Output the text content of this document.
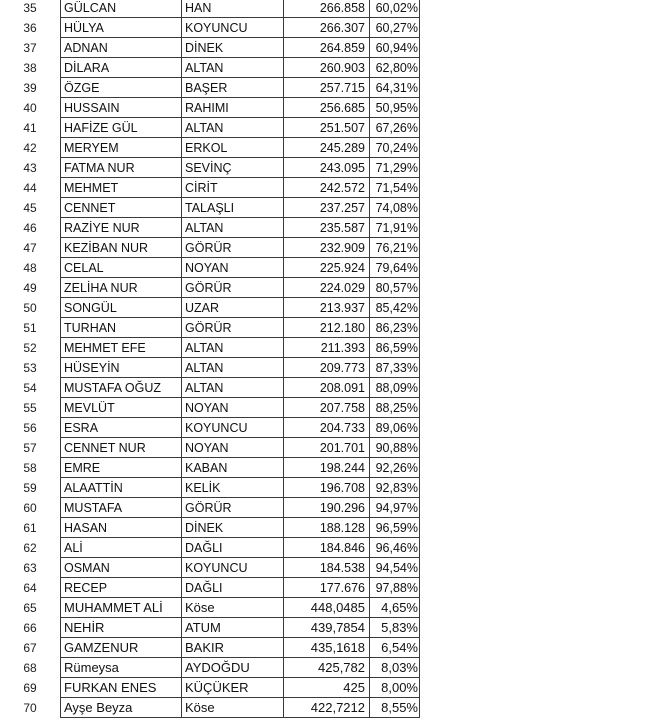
35	GÜLCAN	HAN	266.858 60,02%
36	HÜLYA	KOYUNCU	266.307 60,27%
37	ADNAN	DİNEK	264.859 60,94%
38	DİLARA	ALTAN	260.903 62,80%
39	ÖZGE	BAŞER	257.715 64,31%
40	HUSSAIN	RAHIMI	256.685 50,95%
41	HAFİZE GÜL	ALTAN	251.507 67,26%
42	MERYEM	ERKOL	245.289 70,24%
43	FATMA NUR	SEVİNÇ	243.095 71,29%
44	MEHMET	CİRİT	242.572 71,54%
45	CENNET	TALAŞLI	237.257 74,08%
46	RAZİYE NUR	ALTAN	235.587 71,91%
47	KEZİBAN NUR	GÖRÜR	232.909 76,21%
48	CELAL	NOYAN	225.924 79,64%
49	ZELİHA NUR	GÖRÜR	224.029 80,57%
50	SONGÜL	UZAR	213.937 85,42%
51	TURHAN	GÖRÜR	212.180 86,23%
52	MEHMET EFE	ALTAN	211.393 86,59%
53	HÜSEYİN	ALTAN	209.773 87,33%
54	MUSTAFA OĞUZ	ALTAN	208.091 88,09%
55	MEVLÜT	NOYAN	207.758 88,25%
56	ESRA	KOYUNCU	204.733 89,06%
57	CENNET NUR	NOYAN	201.701 90,88%
58	EMRE	KABAN	198.244 92,26%
59	ALAATTİN	KELİK	196.708 92,83%
60	MUSTAFA	GÖRÜR	190.296 94,97%
61	HASAN	DİNEK	188.128 96,59%
62	ALİ	DAĞLI	184.846 96,46%
63	OSMAN	KOYUNCU	184.538 94,54%
64	RECEP	DAĞLI	177.676 97,88%
65	MUHAMMET ALİ	Köse	448,0485	4,65%
66	NEHİR	ATUM	439,7854	5,83%
67	GAMZENUR	BAKIR	435,1618	6,54%
68	Rümeysa	AYDOĞDU	425,782	8,03%
69	FURKAN ENES	KÜÇÜKER	425	8,00%
70	Ayşe Beyza	Köse	422,7212	8,55%
